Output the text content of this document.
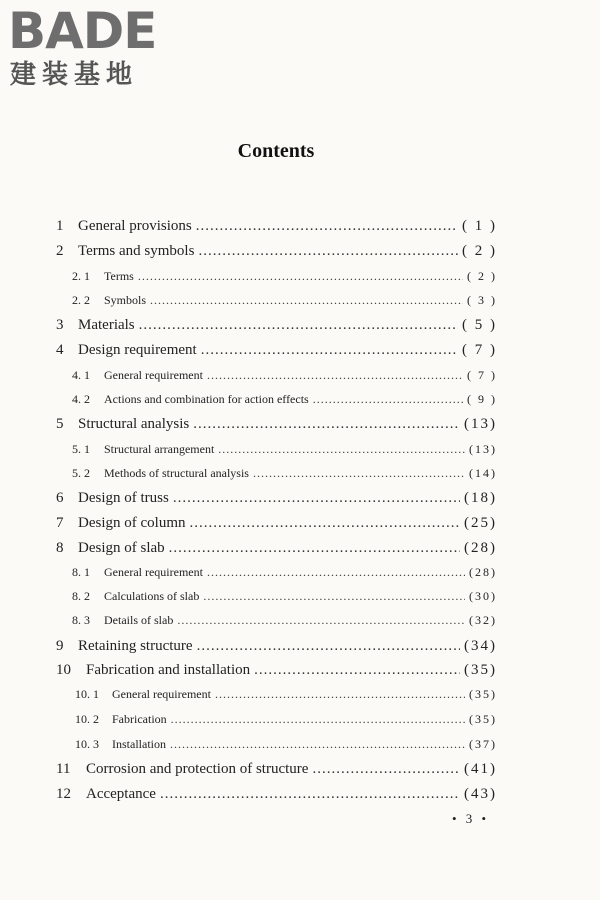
BADE
建装基地
Contents
1 General provisions .....	( 1 )
2 Terms and symbols .....	( 2 )
2. 1	Terms .....	( 2 )
2. 2	Symbols .....	( 3 )
3 Materials .....	( 5 )
4 Design requirement .....	( 7 )
4. 1	General requirement .....	( 7 )
4. 2	Actions and combination for action effects .....	( 9 )
5 Structural analysis .....	(13)
5. 1	Structural arrangement .....	(13)
5. 2	Methods of structural analysis .....	(14)
6 Design of truss .....	(18)
7 Design of column .....	(25)
8 Design of slab .....	(28)
8. 1	General requirement .....	(28)
8. 2	Calculations of slab .....	(30)
8. 3	Details of slab .....	(32)
9 Retaining structure .....	(34)
10	Fabrication and installation .....	(35)
10. 1	General requirement .....	(35)
10. 2	Fabrication .....	(35)
10. 3	Installation .....	(37)
11	Corrosion and protection of structure .....	(41)
12	Acceptance .....	(43)
• 3 •
